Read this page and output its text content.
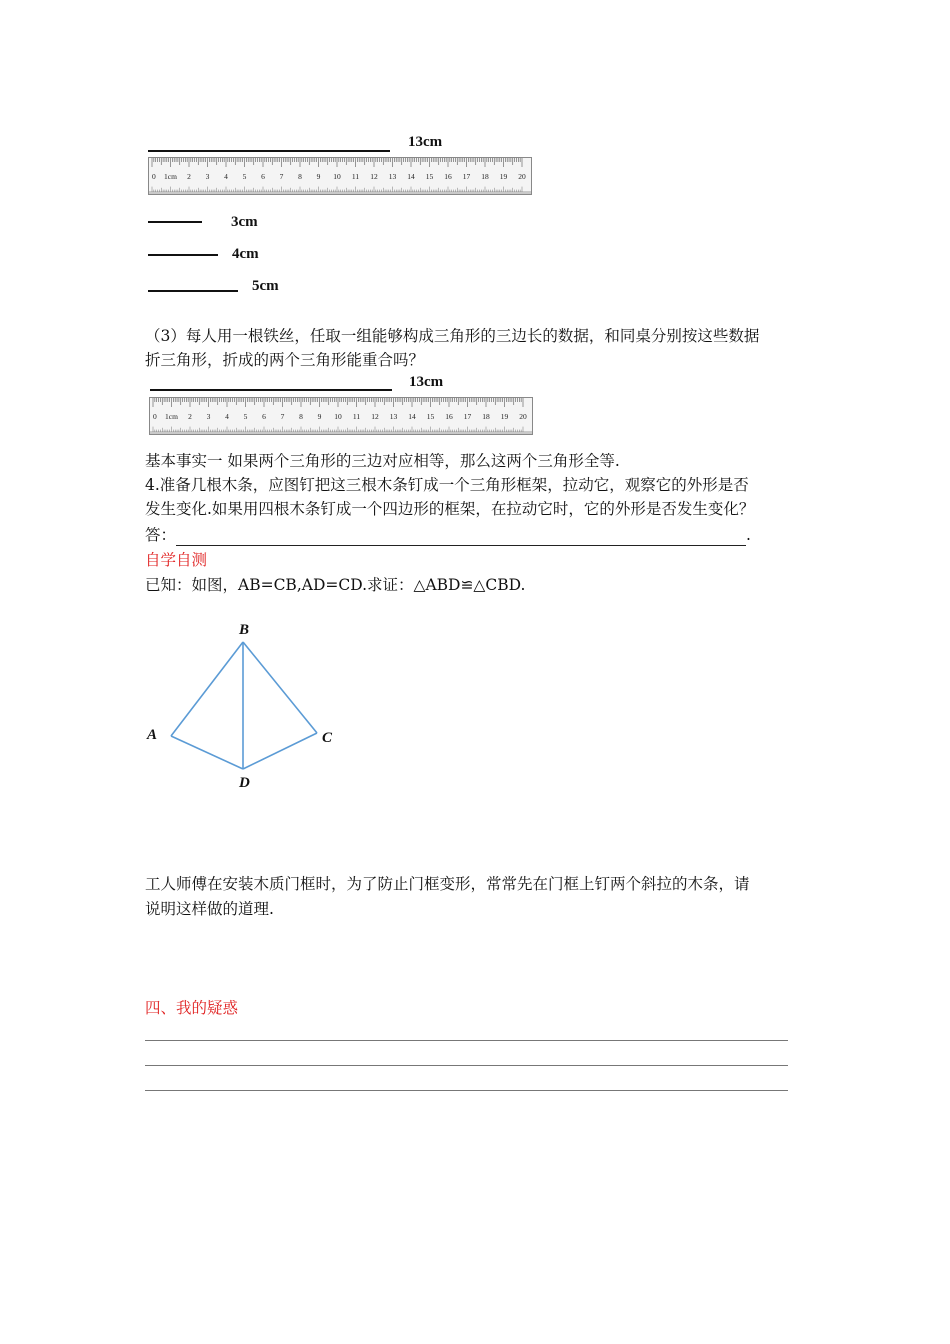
13cm
0 1cm 2 3 4 5 6 7 8 9 10 11 12 13 14 15 16 17 18 19 20
3cm
4cm
5cm
（3）每人用一根铁丝，任取一组能够构成三角形的三边长的数据，和同桌分别按这些数据
折三角形，折成的两个三角形能重合吗？
13cm
0 1cm 2 3 4 5 6 7 8 9 10 11 12 13 14 15 16 17 18 19 20
基本事实一 如果两个三角形的三边对应相等，那么这两个三角形全等.
4.准备几根木条，应图钉把这三根木条钉成一个三角形框架，拉动它，观察它的外形是否
发生变化.如果用四根木条钉成一个四边形的框架，在拉动它时，它的外形是否发生变化？
答：	.
自学自测
已知：如图，AB=CB,AD=CD.求证：△ABD≌△CBD.
B
A	C
D
工人师傅在安装木质门框时，为了防止门框变形，常常先在门框上钉两个斜拉的木条，请
说明这样做的道理.
四、我的疑惑
